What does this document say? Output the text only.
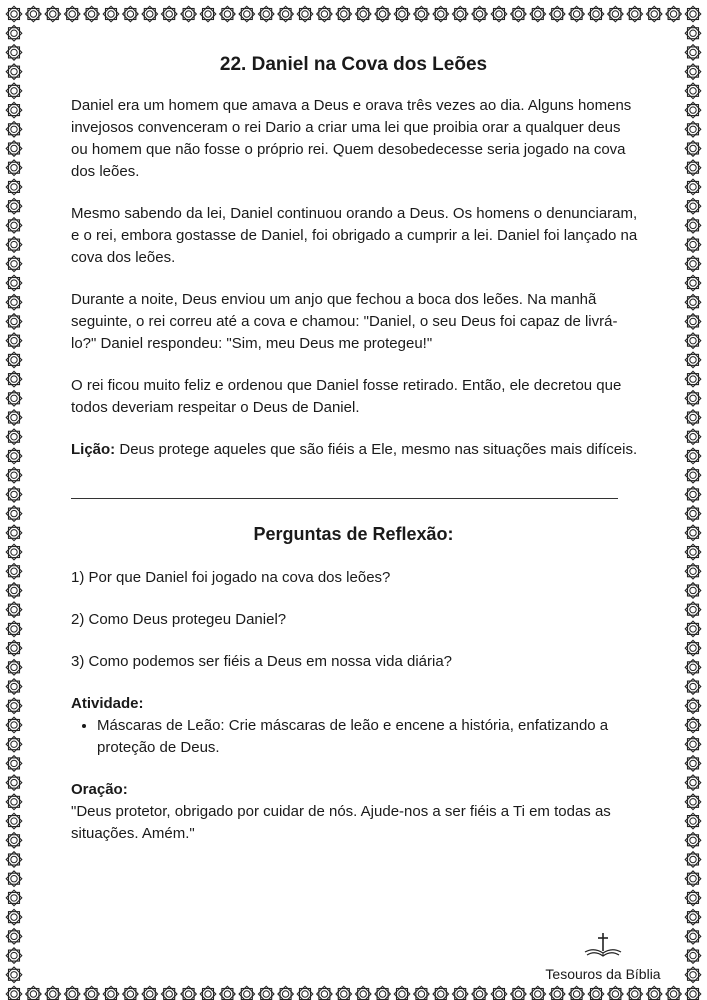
22. Daniel na Cova dos Leões

Daniel era um homem que amava a Deus e orava três vezes ao dia. Alguns homens invejosos convenceram o rei Dario a criar uma lei que proibia orar a qualquer deus ou homem que não fosse o próprio rei. Quem desobedecesse seria jogado na cova dos leões.

Mesmo sabendo da lei, Daniel continuou orando a Deus. Os homens o denunciaram, e o rei, embora gostasse de Daniel, foi obrigado a cumprir a lei. Daniel foi lançado na cova dos leões.

Durante a noite, Deus enviou um anjo que fechou a boca dos leões. Na manhã seguinte, o rei correu até a cova e chamou: "Daniel, o seu Deus foi capaz de livrá-lo?" Daniel respondeu: "Sim, meu Deus me protegeu!"

O rei ficou muito feliz e ordenou que Daniel fosse retirado. Então, ele decretou que todos deveriam respeitar o Deus de Daniel.

Lição: Deus protege aqueles que são fiéis a Ele, mesmo nas situações mais difíceis.

Perguntas de Reflexão:

1) Por que Daniel foi jogado na cova dos leões?

2) Como Deus protegeu Daniel?

3) Como podemos ser fiéis a Deus em nossa vida diária?

Atividade:

• Máscaras de Leão: Crie máscaras de leão e encene a história, enfatizando a proteção de Deus.

Oração:

"Deus protetor, obrigado por cuidar de nós. Ajude-nos a ser fiéis a Ti em todas as situações. Amém."

Tesouros da Bíblia
